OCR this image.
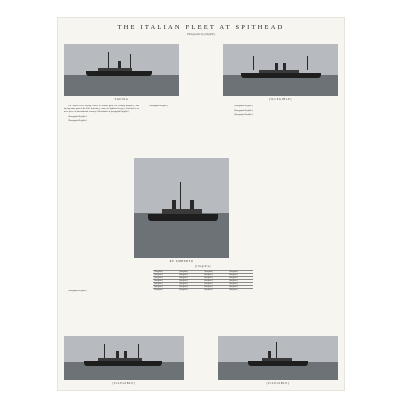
THE ITALIAN FLEET AT SPITHEAD
Photographs by [illegible]
SAVOIA	[ILLEGIBLE]

The Italian fleet, having called at British ports for coaling purposes, and having taken part in the Kiel festivities, comes to Spithead to pay a visit that is no mere piece of international courtesy. [Remainder of paragraph illegible.]

[Paragraph illegible.]

[Paragraph illegible.]

[Paragraph illegible.]	[Paragraph illegible.]

[Paragraph illegible.]

[Paragraph illegible.]

RE UMBERTO
[illegible]
[illegible]	[illegible]	[illegible]	[illegible]
[illegible]	[illegible]	[illegible]	[illegible]
[illegible]	[illegible]	[illegible]	[illegible]
[illegible]	[illegible]	[illegible]	[illegible]
[illegible]	[illegible]	[illegible]	[illegible]
[illegible]	[illegible]	[illegible]	[illegible]
[illegible]	[illegible]	[illegible]	[illegible]

[Paragraph illegible.]

[ILLEGIBLE]	[ILLEGIBLE]
